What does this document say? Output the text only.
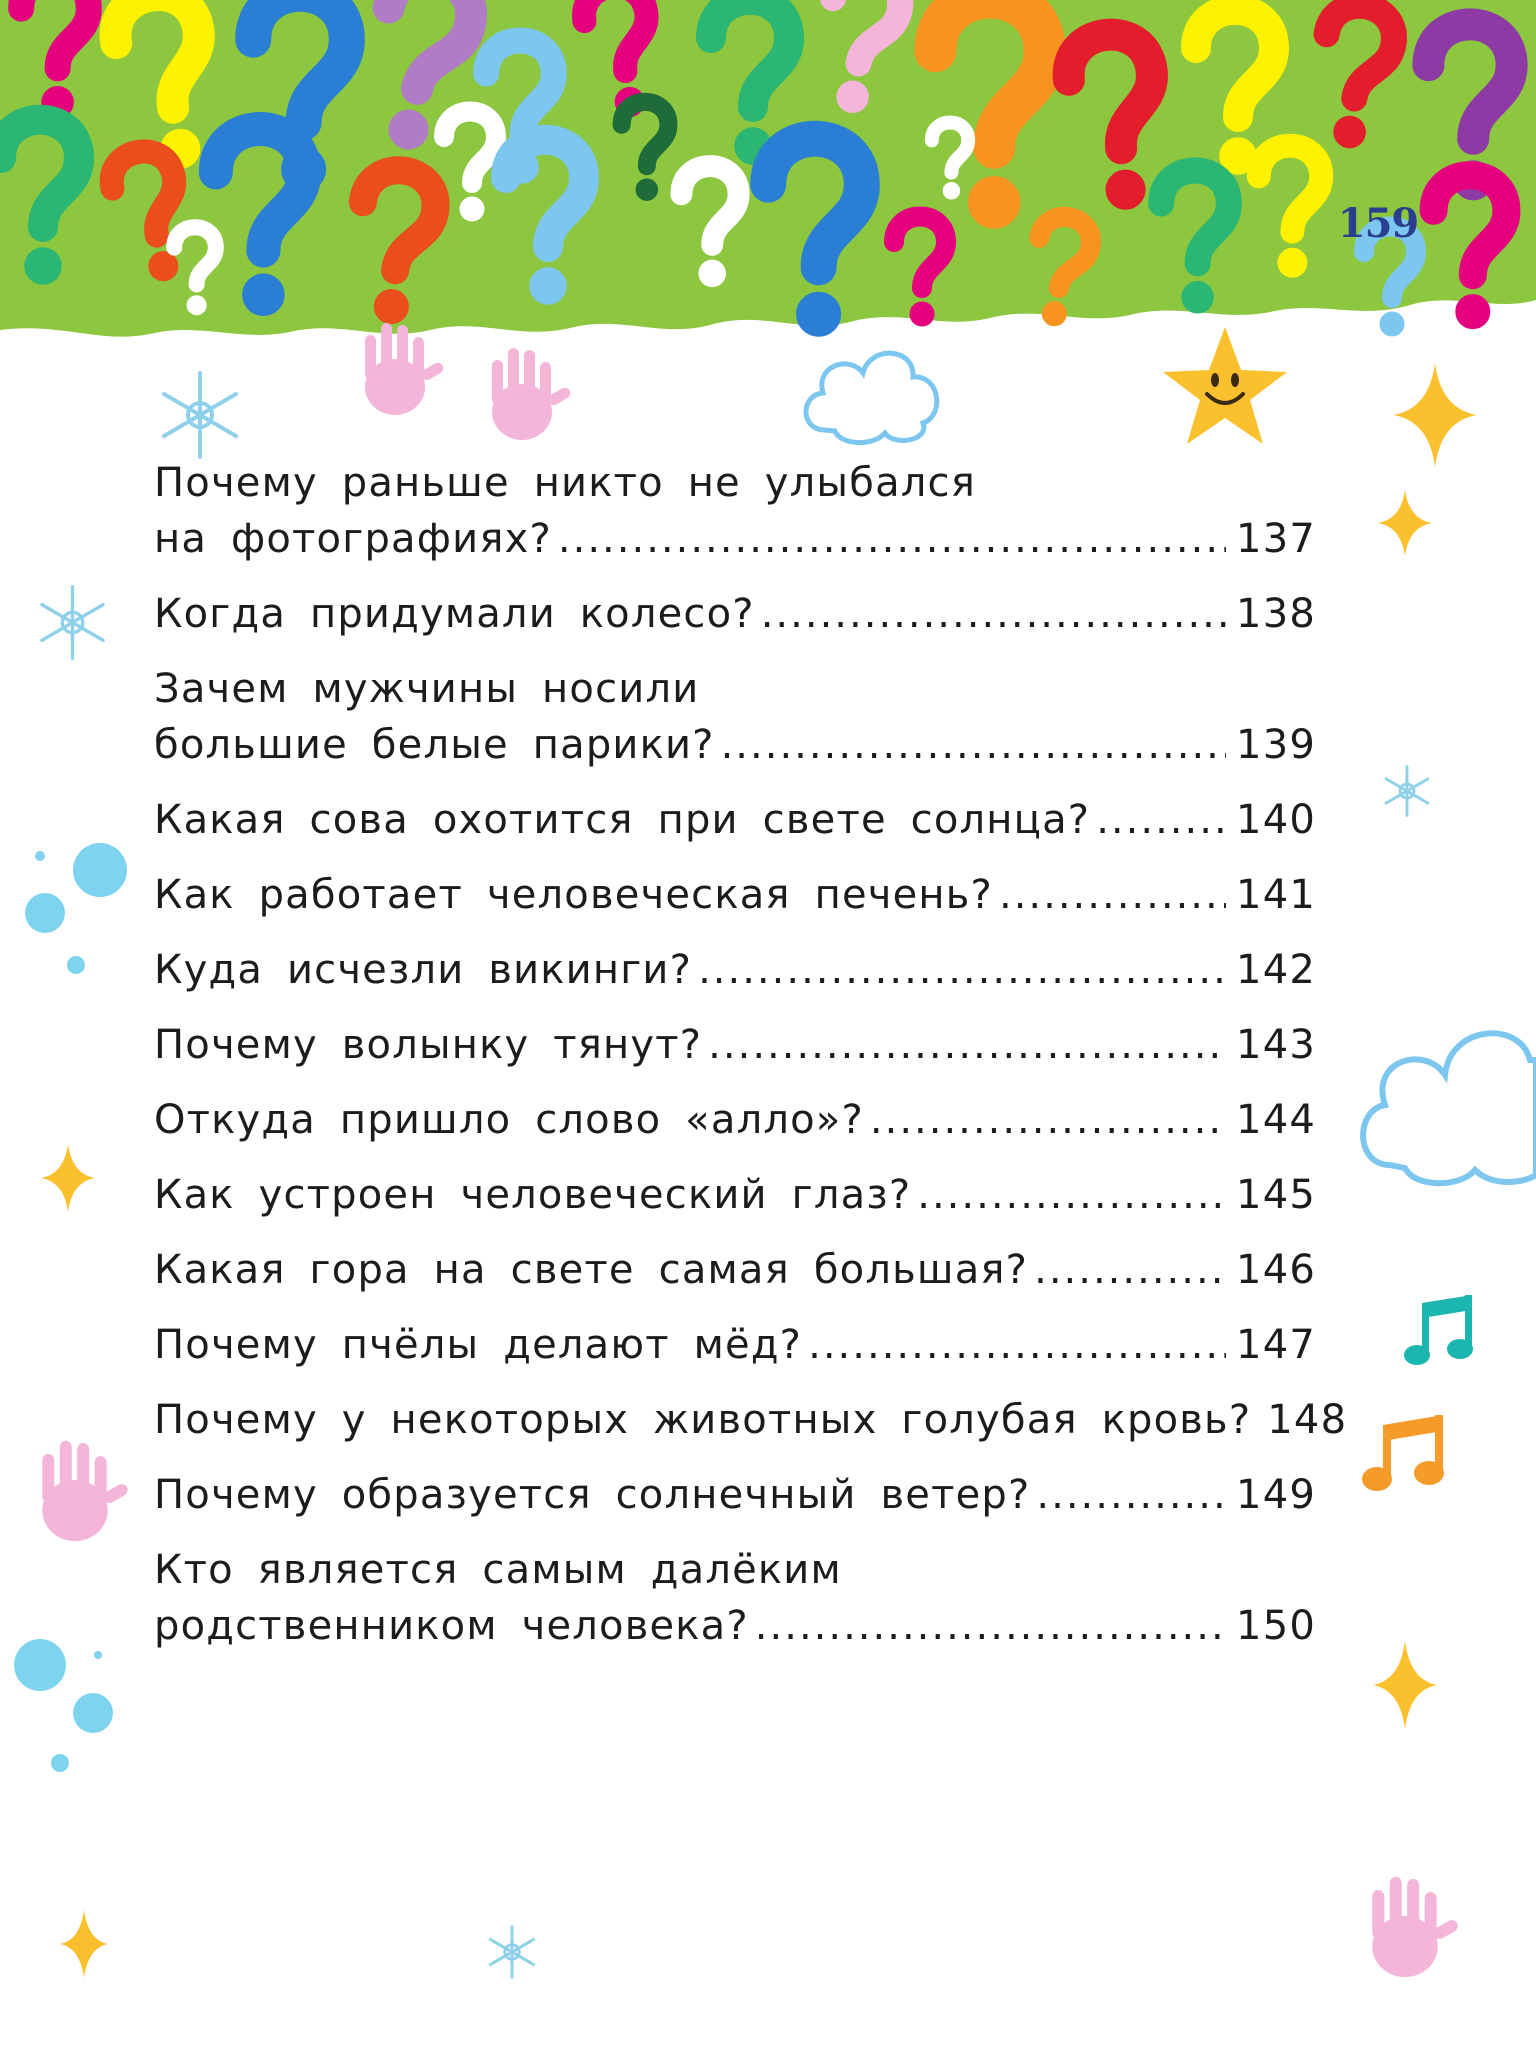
159
Почему раньше никто не улыбался
на фотографиях? .....	137
Когда придумали колесо? .....	138
Зачем мужчины носили
большие белые парики? .....	139
Какая сова охотится при свете солнца? .....	140
Как работает человеческая печень? .....	141
Куда исчезли викинги? .....	142
Почему волынку тянут? .....	143
Откуда пришло слово «алло»? .....	144
Как устроен человеческий глаз? .....	145
Какая гора на свете самая большая? .....	146
Почему пчёлы делают мёд? .....	147
Почему у некоторых животных голубая кровь? 148
Почему образуется солнечный ветер? .....	149
Кто является самым далёким
родственником человека? .....	150
